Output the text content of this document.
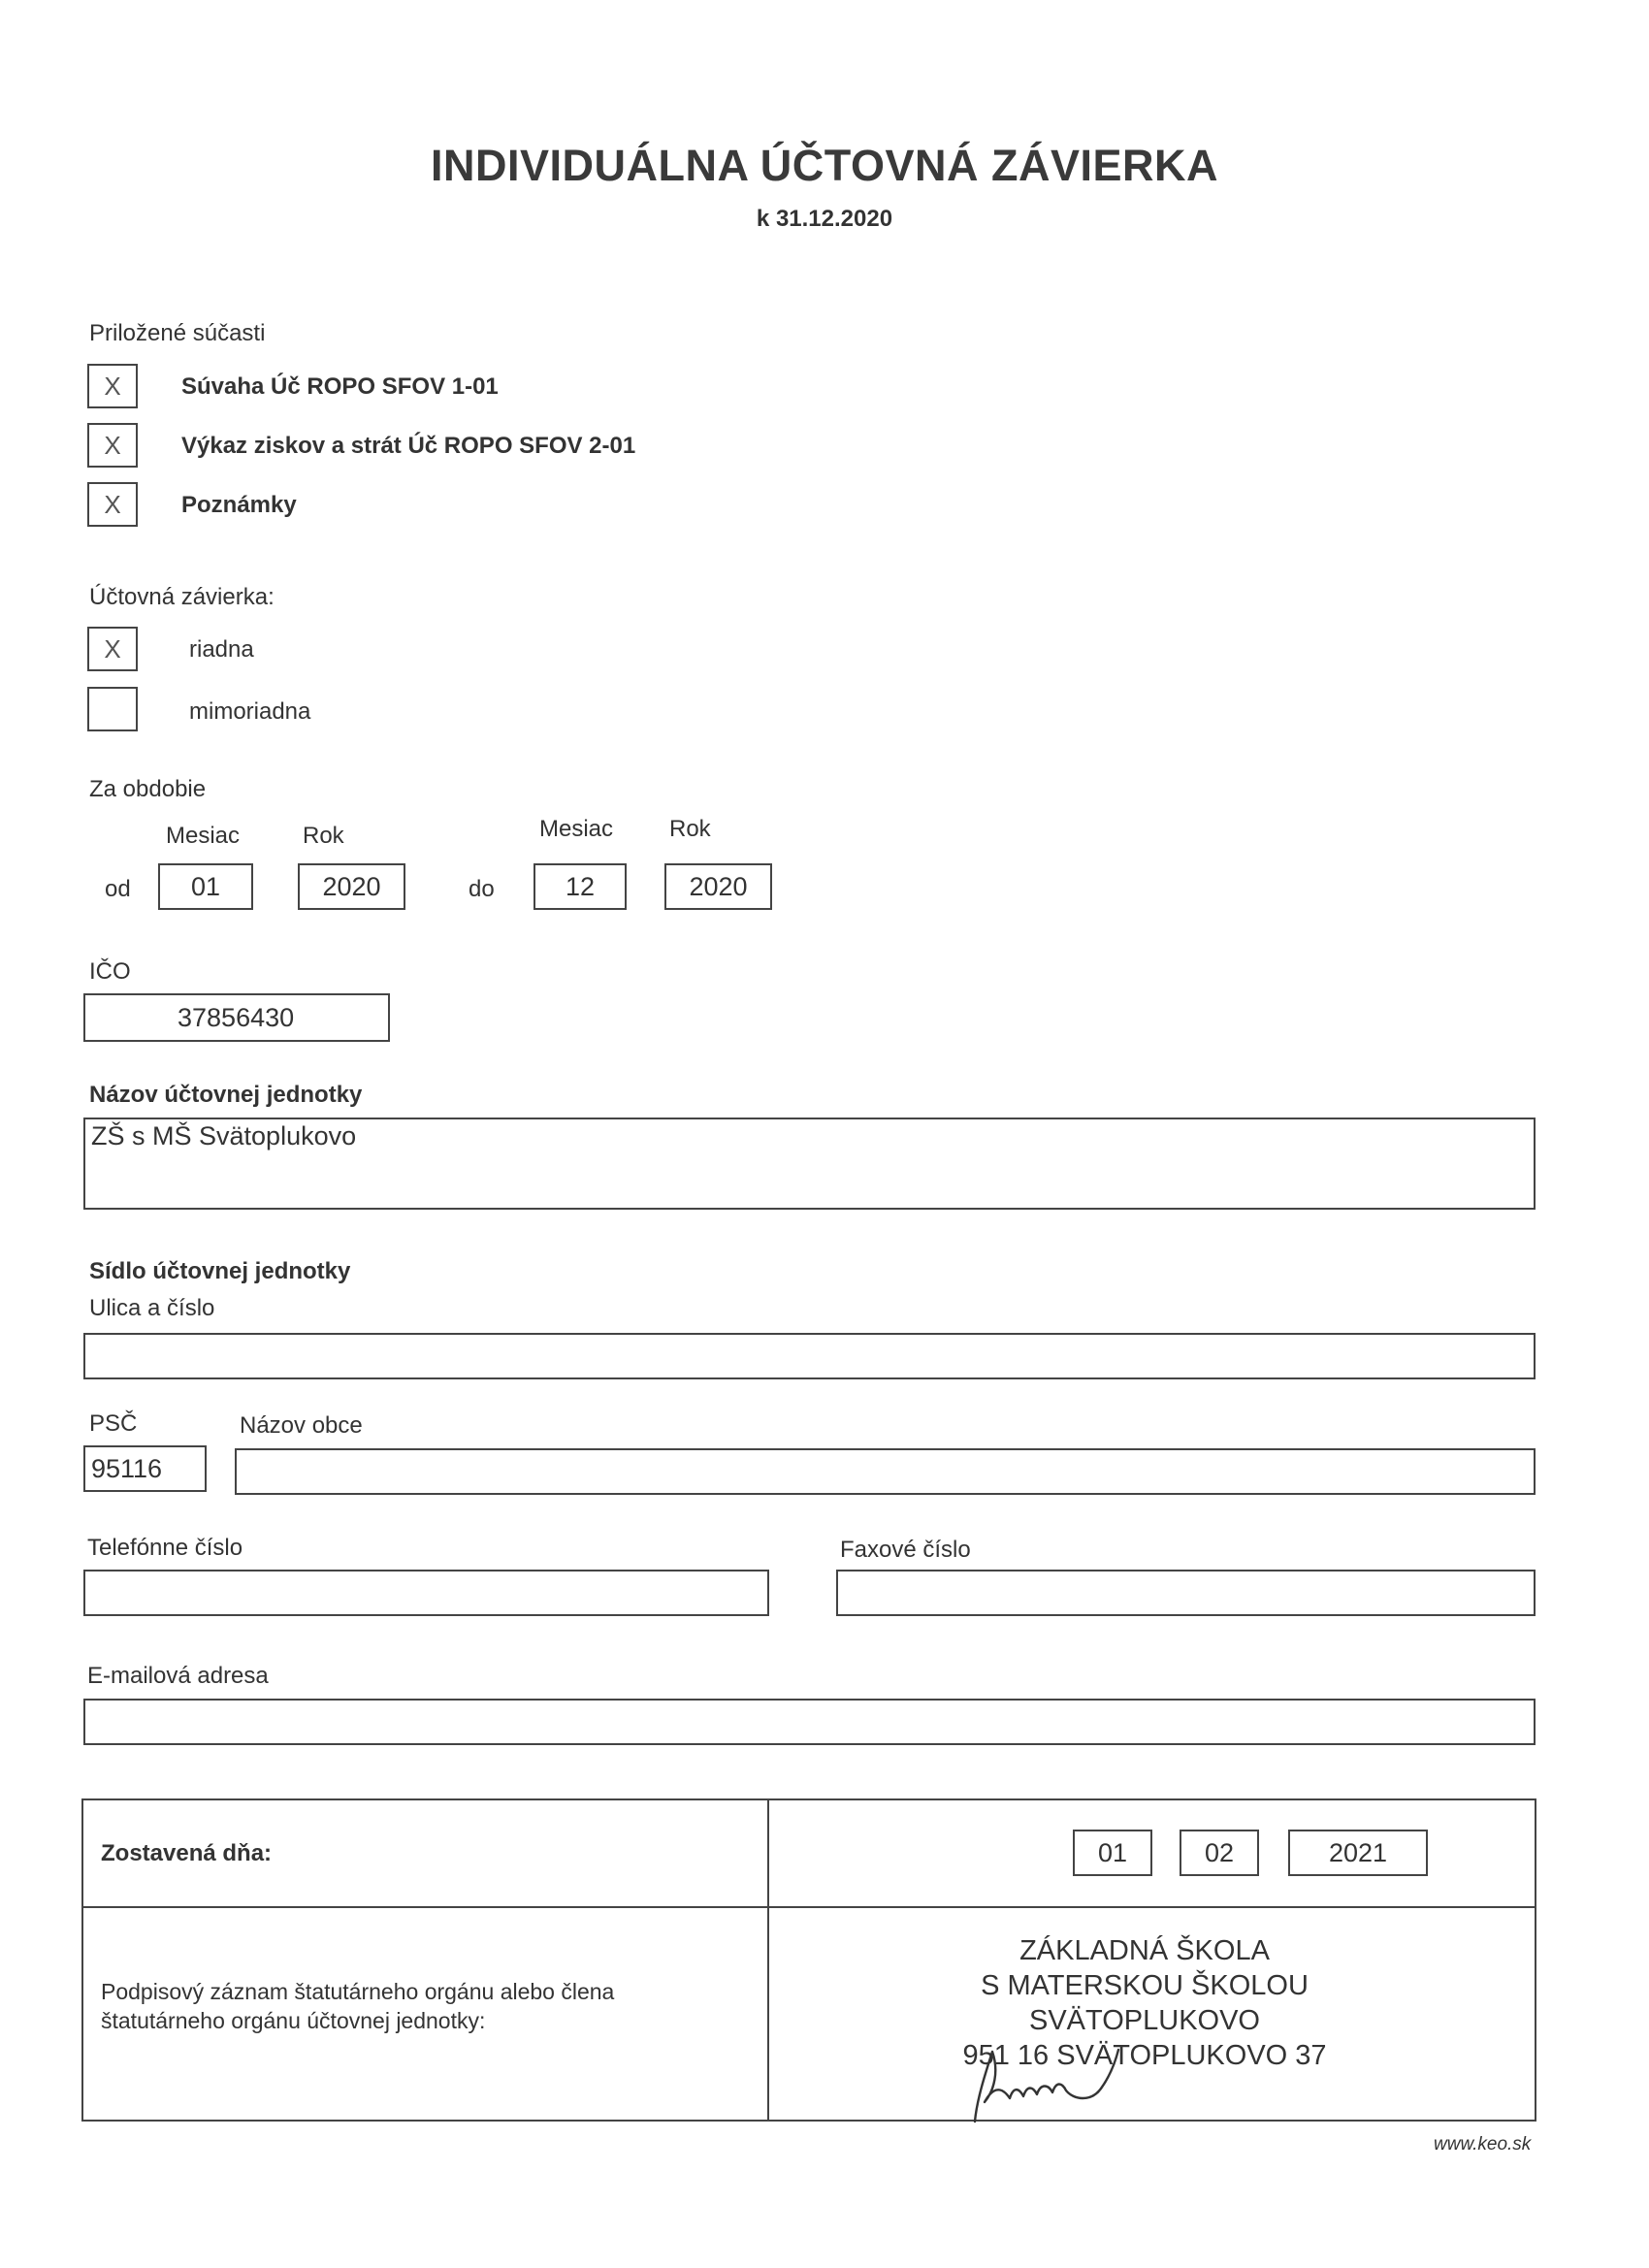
INDIVIDUÁLNA ÚČTOVNÁ ZÁVIERKA
k 31.12.2020
Priložené súčasti
X	Súvaha Úč ROPO SFOV 1-01
X	Výkaz ziskov a strát Úč ROPO SFOV 2-01
X	Poznámky
Účtovná závierka:
X	riadna
mimoriadna
Za obdobie
Mesiac	Rok	Mesiac Rok
od	01	2020	do	12	2020
IČO
37856430
Názov účtovnej jednotky
ZŠ s MŠ Svätoplukovo
Sídlo účtovnej jednotky
Ulica a číslo
PSČ	Názov obce
95116
Telefónne číslo	Faxové číslo
E-mailová adresa
Zostavená dňa:	01	02	2021
Podpisový záznam štatutárneho orgánu alebo člena
štatutárneho orgánu účtovnej jednotky:
ZÁKLADNÁ ŠKOLA
S MATERSKOU ŠKOLOU
SVÄTOPLUKOVO
951 16 SVÄTOPLUKOVO 37
www.keo.sk
